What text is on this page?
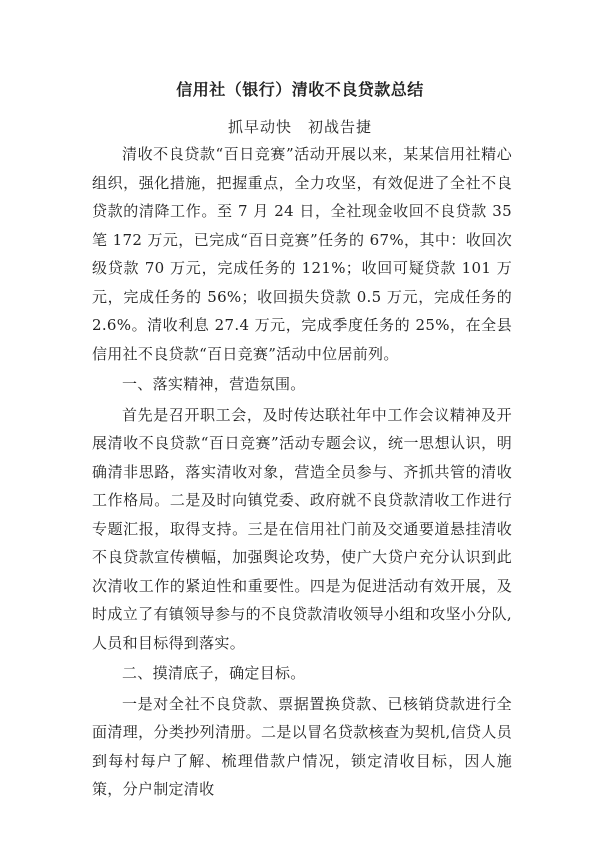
信用社（银行）清收不良贷款总结
抓早动快　初战告捷

清收不良贷款“百日竞赛”活动开展以来，某某信用社精心组织，强化措施，把握重点，全力攻坚，有效促进了全社不良贷款的清降工作。至 7 月 24 日，全社现金收回不良贷款 35 笔 172 万元，已完成“百日竞赛”任务的 67%，其中：收回次级贷款 70 万元，完成任务的 121%；收回可疑贷款 101 万元，完成任务的 56%；收回损失贷款 0.5 万元，完成任务的 2.6%。清收利息 27.4 万元，完成季度任务的 25%，在全县信用社不良贷款“百日竞赛”活动中位居前列。

一、落实精神，营造氛围。

首先是召开职工会，及时传达联社年中工作会议精神及开展清收不良贷款“百日竞赛”活动专题会议，统一思想认识，明确清非思路，落实清收对象，营造全员参与、齐抓共管的清收工作格局。二是及时向镇党委、政府就不良贷款清收工作进行专题汇报，取得支持。三是在信用社门前及交通要道悬挂清收不良贷款宣传横幅，加强舆论攻势，使广大贷户充分认识到此次清收工作的紧迫性和重要性。四是为促进活动有效开展，及时成立了有镇领导参与的不良贷款清收领导小组和攻坚小分队,人员和目标得到落实。

二、摸清底子，确定目标。

一是对全社不良贷款、票据置换贷款、已核销贷款进行全面清理，分类抄列清册。二是以冒名贷款核查为契机,信贷人员到每村每户了解、梳理借款户情况，锁定清收目标，因人施策，分户制定清收
